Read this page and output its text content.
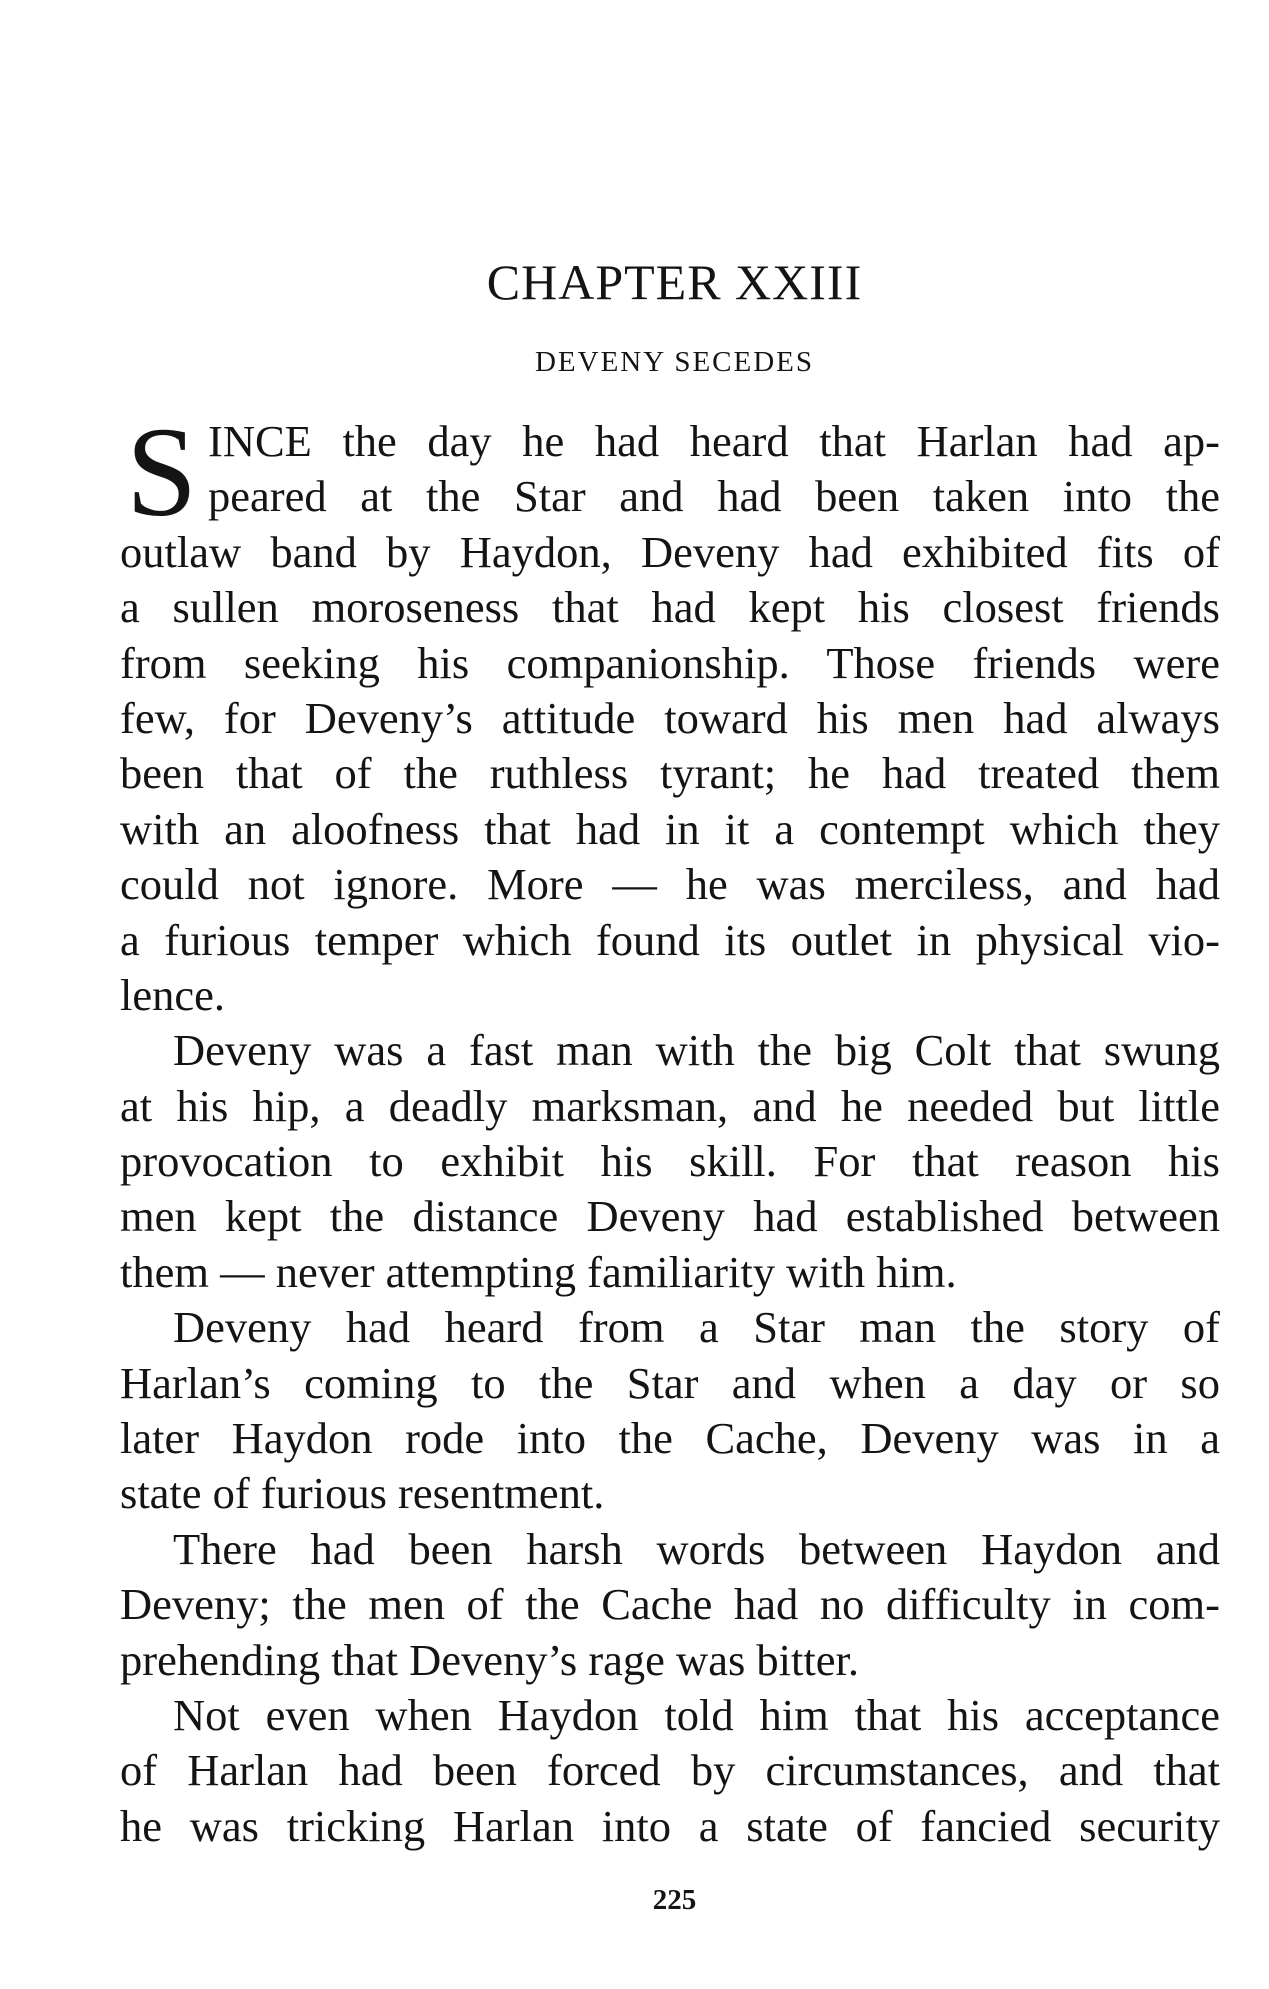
CHAPTER XXIII
DEVENY SECEDES
S INCE the day he had heard that Harlan had ap-
peared at the Star and had been taken into the
outlaw band by Haydon, Deveny had exhibited fits of
a sullen moroseness that had kept his closest friends
from seeking his companionship. Those friends were
few, for Deveny’s attitude toward his men had always
been that of the ruthless tyrant; he had treated them
with an aloofness that had in it a contempt which they
could not ignore. More — he was merciless, and had
a furious temper which found its outlet in physical vio-
lence.
Deveny was a fast man with the big Colt that swung
at his hip, a deadly marksman, and he needed but little
provocation to exhibit his skill. For that reason his
men kept the distance Deveny had established between
them — never attempting familiarity with him.
Deveny had heard from a Star man the story of
Harlan’s coming to the Star and when a day or so
later Haydon rode into the Cache, Deveny was in a
state of furious resentment.
There had been harsh words between Haydon and
Deveny; the men of the Cache had no difficulty in com-
prehending that Deveny’s rage was bitter.
Not even when Haydon told him that his acceptance
of Harlan had been forced by circumstances, and that
he was tricking Harlan into a state of fancied security
225
